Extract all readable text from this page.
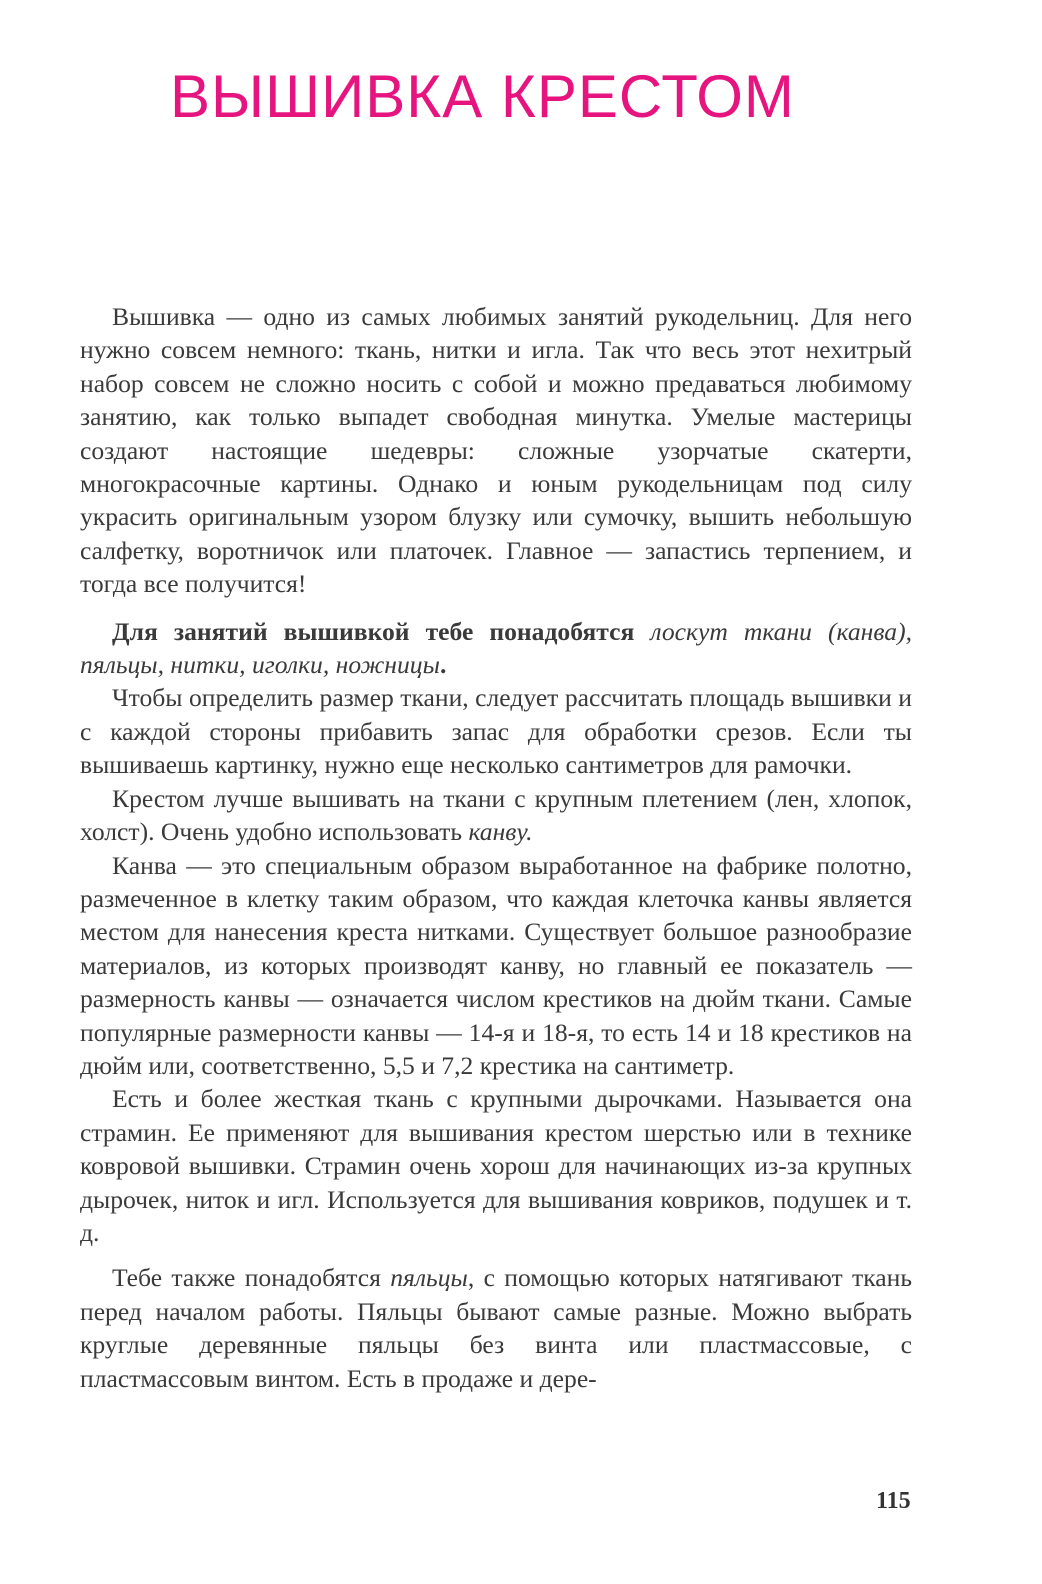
ВЫШИВКА КРЕСТОМ

Вышивка — одно из самых любимых занятий рукодельниц. Для него нужно совсем немного: ткань, нитки и игла. Так что весь этот нехитрый набор совсем не сложно носить с собой и можно предаваться любимому занятию, как только выпадет свободная минутка. Умелые мастерицы создают настоящие шедевры: сложные узорчатые скатерти, многокрасочные картины. Однако и юным рукодельницам под силу украсить оригинальным узором блузку или сумочку, вышить небольшую салфетку, воротничок или платочек. Главное — запастись терпением, и тогда все получится!

Для занятий вышивкой тебе понадобятся лоскут ткани (канва), пяльцы, нитки, иголки, ножницы.

Чтобы определить размер ткани, следует рассчитать площадь вышивки и с каждой стороны прибавить запас для обработки срезов. Если ты вышиваешь картинку, нужно еще несколько сантиметров для рамочки.

Крестом лучше вышивать на ткани с крупным плетением (лен, хлопок, холст). Очень удобно использовать канву.

Канва — это специальным образом выработанное на фабрике полотно, размеченное в клетку таким образом, что каждая клеточка канвы является местом для нанесения креста нитками. Существует большое разнообразие материалов, из которых производят канву, но главный ее показатель — размерность канвы — означается числом крестиков на дюйм ткани. Самые популярные размерности канвы — 14-я и 18-я, то есть 14 и 18 крестиков на дюйм или, соответственно, 5,5 и 7,2 крестика на сантиметр.

Есть и более жесткая ткань с крупными дырочками. Называется она страмин. Ее применяют для вышивания крестом шерстью или в технике ковровой вышивки. Страмин очень хорош для начинающих из-за крупных дырочек, ниток и игл. Используется для вышивания ковриков, подушек и т. д.

Тебе также понадобятся пяльцы, с помощью которых натягивают ткань перед началом работы. Пяльцы бывают самые разные. Можно выбрать круглые деревянные пяльцы без винта или пластмассовые, с пластмассовым винтом. Есть в продаже и дере-

115
